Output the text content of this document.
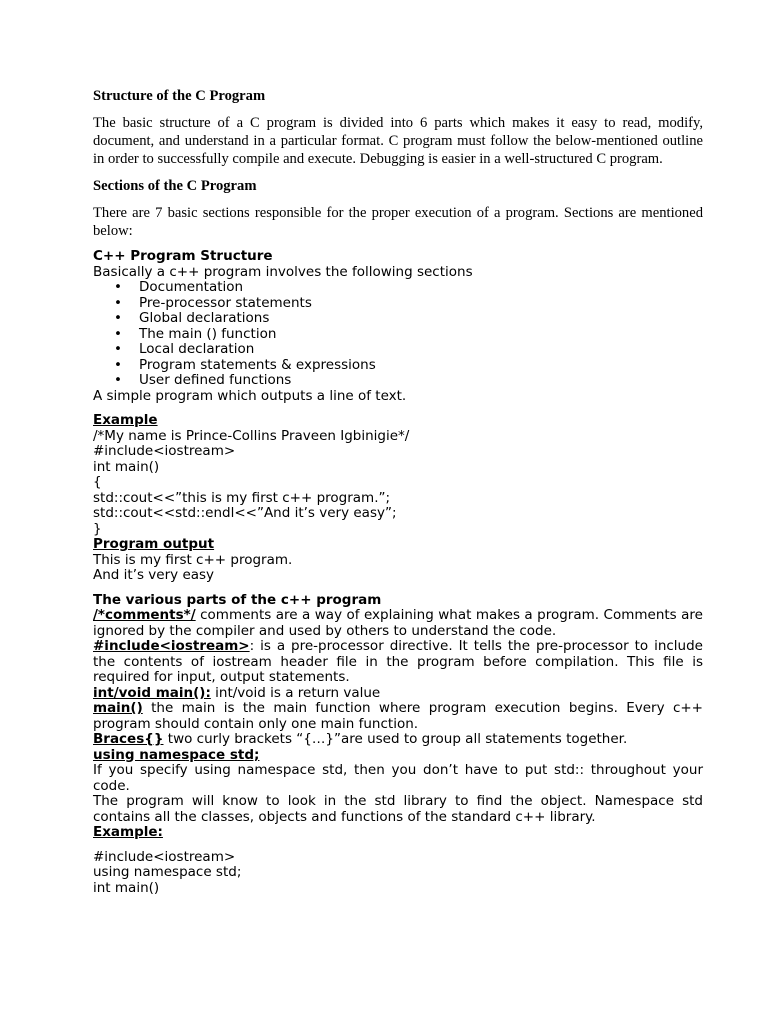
Structure of the C Program
The basic structure of a C program is divided into 6 parts which makes it easy to read, modify, document, and understand in a particular format. C program must follow the below-mentioned outline in order to successfully compile and execute. Debugging is easier in a well-structured C program.
Sections of the C Program
There are 7 basic sections responsible for the proper execution of a program. Sections are mentioned below:
C++ Program Structure
Basically a c++ program involves the following sections
• Documentation
• Pre-processor statements
• Global declarations
• The main () function
• Local declaration
• Program statements & expressions
• User defined functions
A simple program which outputs a line of text.
Example
/*My name is Prince-Collins Praveen Igbinigie*/
#include<iostream>
int main()
{
std::cout<<”this is my first c++ program.”;
std::cout<<std::endl<<”And it’s very easy”;
}
Program output
This is my first c++ program.
And it’s very easy
The various parts of the c++ program
/*comments*/ comments are a way of explaining what makes a program. Comments are ignored by the compiler and used by others to understand the code.
#include<iostream>: is a pre-processor directive. It tells the pre-processor to include the contents of iostream header file in the program before compilation. This file is required for input, output statements.
int/void main(): int/void is a return value
main() the main is the main function where program execution begins. Every c++ program should contain only one main function.
Braces{} two curly brackets “{…}”are used to group all statements together.
using namespace std;
If you specify using namespace std, then you don’t have to put std:: throughout your code.
The program will know to look in the std library to find the object. Namespace std contains all the classes, objects and functions of the standard c++ library.
Example:
#include<iostream>
using namespace std;
int main()
